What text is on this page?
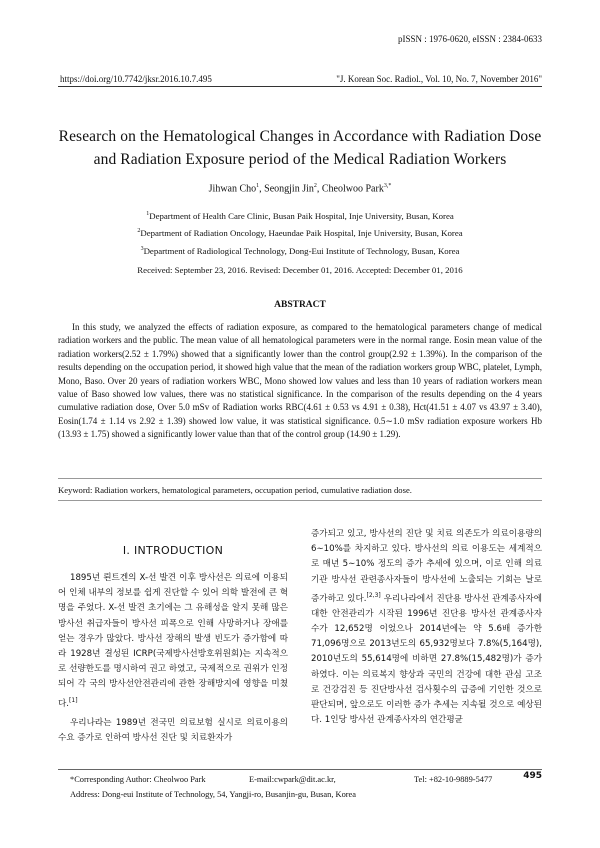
pISSN : 1976-0620, eISSN : 2384-0633
https://doi.org/10.7742/jksr.2016.10.7.495	"J. Korean Soc. Radiol., Vol. 10, No. 7, November 2016"
Research on the Hematological Changes in Accordance with Radiation Dose and Radiation Exposure period of the Medical Radiation Workers
Jihwan Cho$^1$, Seongjin Jin$^2$, Cheolwoo Park$^{3,*}$
$^1$Department of Health Care Clinic, Busan Paik Hospital, Inje University, Busan, Korea
$^2$Department of Radiation Oncology, Haeundae Paik Hospital, Inje University, Busan, Korea
$^3$Department of Radiological Technology, Dong-Eui Institute of Technology, Busan, Korea
Received: September 23, 2016. Revised: December 01, 2016. Accepted: December 01, 2016
ABSTRACT
In this study, we analyzed the effects of radiation exposure, as compared to the hematological parameters change of medical radiation workers and the public. The mean value of all hematological parameters were in the normal range. Eosin mean value of the radiation workers(2.52 ± 1.79%) showed that a significantly lower than the control group(2.92 ± 1.39%). In the comparison of the results depending on the occupation period, it showed high value that the mean of the radiation workers group WBC, platelet, Lymph, Mono, Baso. Over 20 years of radiation workers WBC, Mono showed low values and less than 10 years of radiation workers mean value of Baso showed low values, there was no statistical significance. In the comparison of the results depending on the 4 years cumulative radiation dose, Over 5.0 mSv of Radiation works RBC(4.61 ± 0.53 vs 4.91 ± 0.38), Hct(41.51 ± 4.07 vs 43.97 ± 3.40), Eosin(1.74 ± 1.14 vs 2.92 ± 1.39) showed low value, it was statistical significance. 0.5∼1.0 mSv radiation exposure workers Hb (13.93 ± 1.75) showed a significantly lower value than that of the control group (14.90 ± 1.29).
Keyword: Radiation workers, hematological parameters, occupation period, cumulative radiation dose.
Ⅰ. INTRODUCTION

1895년 뢴트겐의 X-선 발견 이후 방사선은 의료에 이용되어 인체 내부의 정보를 쉽게 진단할 수 있어 의학 발전에 큰 혁명을 주었다. X-선 발견 초기에는 그 유해성을 알지 못해 많은 방사선 취급자들이 방사선 피폭으로 인해 사망하거나 장애를 얻는 경우가 많았다. 방사선 장해의 발생 빈도가 증가함에 따라 1928년 결성된 ICRP(국제방사선방호위원회)는 지속적으로 선량한도를 명시하여 권고 하였고, 국제적으로 권위가 인정되어 각 국의 방사선안전관리에 관한 장해방지에 영향을 미쳤다.[1]

우리나라는 1989년 전국민 의료보험 실시로 의료이용의 수요 증가로 인하여 방사선 진단 및 치료환자가

증가되고 있고, 방사선의 진단 및 치료 의존도가 의료이용량의 6∼10%를 차지하고 있다. 방사선의 의료 이용도는 세계적으로 매년 5∼10% 정도의 증가 추세에 있으며, 이로 인해 의료기관 방사선 관련종사자들이 방사선에 노출되는 기회는 날로 증가하고 있다.[2,3] 우리나라에서 진단용 방사선 관계종사자에 대한 안전관리가 시작된 1996년 진단용 방사선 관계종사자 수가 12,652명 이었으나 2014년에는 약 5.6배 증가한 71,096명으로 2013년도의 65,932명보다 7.8%(5,164명), 2010년도의 55,614명에 비하면 27.8%(15,482명)가 증가 하였다. 이는 의료복지 향상과 국민의 건강에 대한 관심 고조로 건강검진 등 진단방사선 검사횟수의 급증에 기인한 것으로 판단되며, 앞으로도 이러한 증가 추세는 지속될 것으로 예상된다. 1인당 방사선 관계종사자의 연간평균

*Corresponding Author: Cheolwoo Park	E-mail:cwpark@dit.ac.kr,	Tel: +82-10-9889-5477	495
Address: Dong-eui Institute of Technology, 54, Yangji-ro, Busanjin-gu, Busan, Korea
